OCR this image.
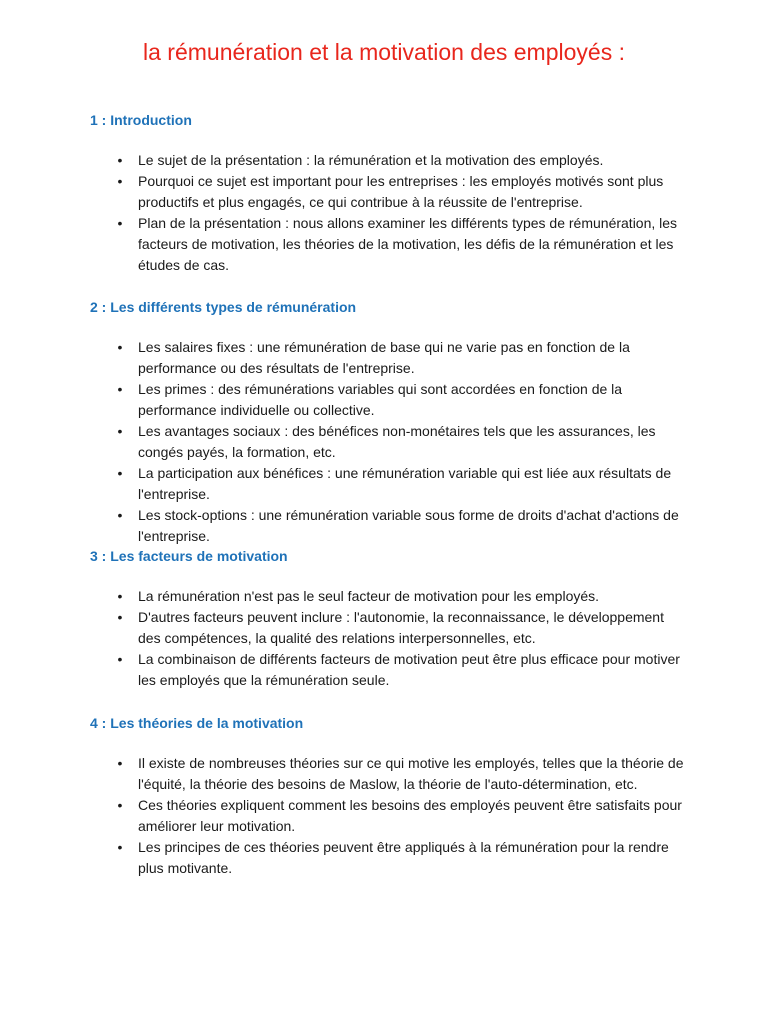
la rémunération et la motivation des employés :
1 : Introduction
• Le sujet de la présentation : la rémunération et la motivation des employés.
• Pourquoi ce sujet est important pour les entreprises : les employés motivés sont plus productifs et plus engagés, ce qui contribue à la réussite de l'entreprise.
• Plan de la présentation : nous allons examiner les différents types de rémunération, les facteurs de motivation, les théories de la motivation, les défis de la rémunération et les études de cas.
2 : Les différents types de rémunération
• Les salaires fixes : une rémunération de base qui ne varie pas en fonction de la performance ou des résultats de l'entreprise.
• Les primes : des rémunérations variables qui sont accordées en fonction de la performance individuelle ou collective.
• Les avantages sociaux : des bénéfices non-monétaires tels que les assurances, les congés payés, la formation, etc.
• La participation aux bénéfices : une rémunération variable qui est liée aux résultats de l'entreprise.
• Les stock-options : une rémunération variable sous forme de droits d'achat d'actions de l'entreprise.
3 : Les facteurs de motivation
• La rémunération n'est pas le seul facteur de motivation pour les employés.
• D'autres facteurs peuvent inclure : l'autonomie, la reconnaissance, le développement des compétences, la qualité des relations interpersonnelles, etc.
• La combinaison de différents facteurs de motivation peut être plus efficace pour motiver les employés que la rémunération seule.
4 : Les théories de la motivation
• Il existe de nombreuses théories sur ce qui motive les employés, telles que la théorie de l'équité, la théorie des besoins de Maslow, la théorie de l'auto-détermination, etc.
• Ces théories expliquent comment les besoins des employés peuvent être satisfaits pour améliorer leur motivation.
• Les principes de ces théories peuvent être appliqués à la rémunération pour la rendre plus motivante.
